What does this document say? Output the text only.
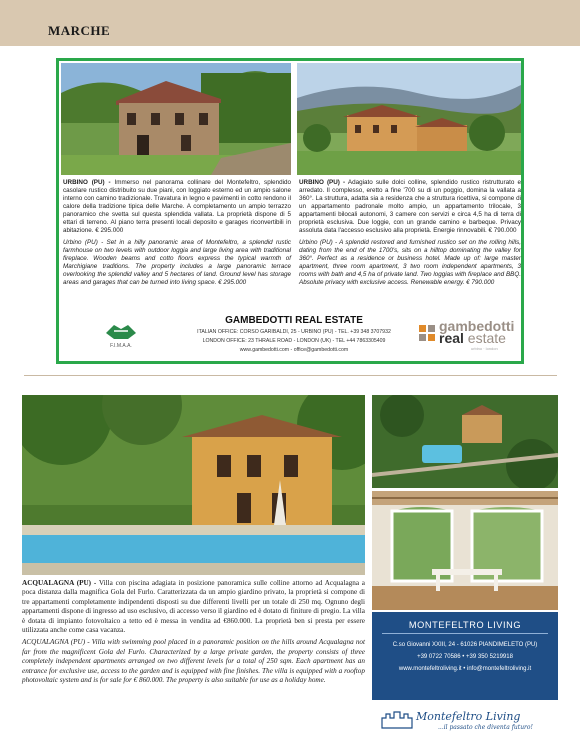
MARCHE
URBINO (PU) - Immerso nel panorama collinare del Montefeltro, splendido casolare rustico distribuito su due piani, con loggiato esterno ed un ampio salone interno con camino tradizionale. Travatura in legno e pavimenti in cotto rendono il calore della tradizione tipica delle Marche. A completamento un ampio terrazzo panoramico che svetta sul questa splendida vallata. La proprietà dispone di 5 ettari di terreno. Al piano terra presenti locali deposito e garages riconvertibili in abitazione. € 295.000
Urbino (PU) - Set in a hilly panoramic area of Montefeltro, a splendid rustic farmhouse on two levels with outdoor loggia and large living area with traditional fireplace. Wooden beams and cotto floors express the typical warmth of Marchigiane traditions. The property includes a large panoramic terrace overlooking the splendid valley and 5 hectares of land. Ground level has storage areas and garages that can be turned into living space. € 295.000
URBINO (PU) - Adagiato sulle dolci colline, splendido rustico ristrutturato e arredato. Il complesso, eretto a fine '700 su di un poggio, domina la vallata a 360°. La struttura, adatta sia a residenza che a struttura ricettiva, si compone di un appartamento padronale molto ampio, un appartamento trilocale, 3 appartamenti bilocali autonomi, 3 camere con servizi e circa 4,5 ha di terra di proprietà esclusiva. Due loggie, con un grande camino e barbeque. Privacy assoluta data l'accesso esclusivo alla proprietà. Energie rinnovabili. € 790.000
Urbino (PU) - A splendid restored and furnished rustico set on the rolling hills, dating from the end of the 1700's, sits on a hilltop dominating the valley for 360°. Perfect as a residence or business hotel. Made up of: large master apartment, three room apartment, 3 two room independent apartments, 3 rooms with bath and 4,5 ha of private land. Two loggias with fireplace and BBQ. Absolute privacy with exclusive access. Renewable energy. € 790.000
F.I.M.A.A.
GAMBEDOTTI REAL ESTATE
ITALIAN OFFICE: CORSO GARIBALDI, 25 - URBINO (PU) - TEL. +39 348 3707932
LONDON OFFICE: 23 THRALE ROAD - LONDON (UK) - TEL +44 7863305409
www.gambedotti.com - office@gambedotti.com
gambedotti
real estate
urbino · london
ACQUALAGNA (PU) - Villa con piscina adagiata in posizione panoramica sulle colline attorno ad Acqualagna a poca distanza dalla magnifica Gola del Furlo. Caratterizzata da un ampio giardino privato, la proprietà si compone di tre appartamenti completamente indipendenti disposti su due differenti livelli per un totale di 250 mq. Ognuno degli appartamenti dispone di ingresso ad uso esclusivo, di accesso verso il giardino ed è dotato di finiture di pregio. La villa è dotata di impianto fotovoltaico a tetto ed è messa in vendita ad €860.000. La proprietà ben si presta per essere utilizzata anche come casa vacanza.
ACQUALAGNA (PU) - Villa with swimming pool placed in a panoramic position on the hills around Acqualagna not far from the magnificent Gola del Furlo. Characterized by a large private garden, the property consists of three completely independent apartments arranged on two different levels for a total of 250 sqm. Each apartment has an entrance for exclusive use, access to the garden and is equipped with fine finishes. The villa is equipped with a rooftop photovoltaic system and is for sale for € 860.000. The property is also suitable for use as a holiday home.
MONTEFELTRO LIVING
C.so Giovanni XXIII, 24 - 61026 PIANDIMELETO (PU)
+39 0722 70586 • +39 350 5219918
www.montefeltroliving.it • info@montefeltroliving.it
Montefeltro Living
...il passato che diventa futuro!
